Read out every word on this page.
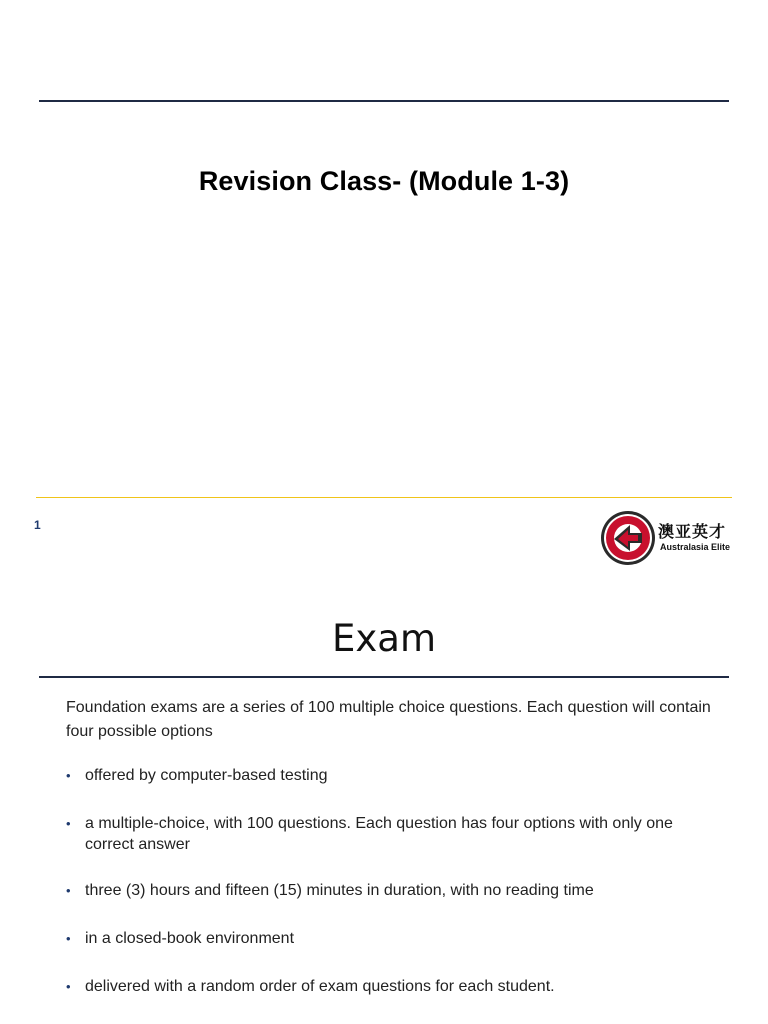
Revision Class- (Module 1-3)
1	澳亚英才
Australasia Elite
Exam
Foundation exams are a series of 100 multiple choice questions. Each question will contain four possible options
• offered by computer-based testing
• a multiple-choice, with 100 questions. Each question has four options with only one correct answer
• three (3) hours and fifteen (15) minutes in duration, with no reading time
• in a closed-book environment
• delivered with a random order of exam questions for each student.
